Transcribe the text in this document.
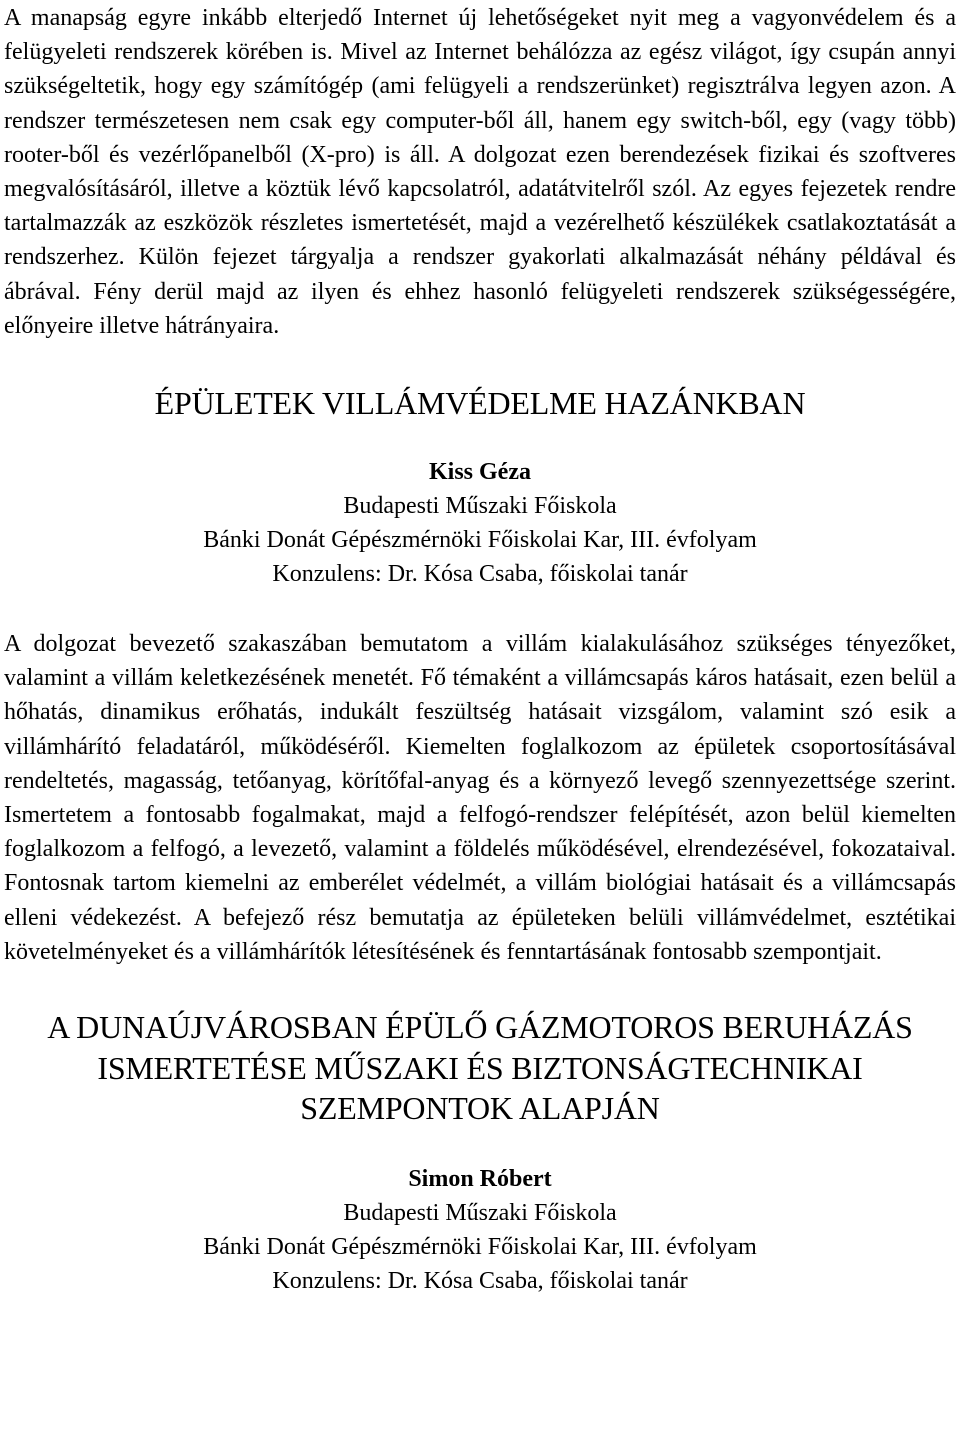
A manapság egyre inkább elterjedő Internet új lehetőségeket nyit meg a vagyonvédelem és a felügyeleti rendszerek körében is. Mivel az Internet behálózza az egész világot, így csupán annyi szükségeltetik, hogy egy számítógép (ami felügyeli a rendszerünket) regisztrálva legyen azon. A rendszer természetesen nem csak egy computer-ből áll, hanem egy switch-ből, egy (vagy több) rooter-ből és vezérlőpanelből (X-pro) is áll. A dolgozat ezen berendezések fizikai és szoftveres megvalósításáról, illetve a köztük lévő kapcsolatról, adatátvitelről szól. Az egyes fejezetek rendre tartalmazzák az eszközök részletes ismertetését, majd a vezérelhető készülékek csatlakoztatását a rendszerhez. Külön fejezet tárgyalja a rendszer gyakorlati alkalmazását néhány példával és ábrával. Fény derül majd az ilyen és ehhez hasonló felügyeleti rendszerek szükségességére, előnyeire illetve hátrányaira.

ÉPÜLETEK VILLÁMVÉDELME HAZÁNKBAN
Kiss Géza
Budapesti Műszaki Főiskola
Bánki Donát Gépészmérnöki Főiskolai Kar, III. évfolyam
Konzulens: Dr. Kósa Csaba, főiskolai tanár

A dolgozat bevezető szakaszában bemutatom a villám kialakulásához szükséges tényezőket, valamint a villám keletkezésének menetét. Fő témaként a villámcsapás káros hatásait, ezen belül a hőhatás, dinamikus erőhatás, indukált feszültség hatásait vizsgálom, valamint szó esik a villámhárító feladatáról, működéséről. Kiemelten foglalkozom az épületek csoportosításával rendeltetés, magasság, tetőanyag, körítőfal-anyag és a környező levegő szennyezettsége szerint. Ismertetem a fontosabb fogalmakat, majd a felfogó-rendszer felépítését, azon belül kiemelten foglalkozom a felfogó, a levezető, valamint a földelés működésével, elrendezésével, fokozataival. Fontosnak tartom kiemelni az emberélet védelmét, a villám biológiai hatásait és a villámcsapás elleni védekezést. A befejező rész bemutatja az épületeken belüli villámvédelmet, esztétikai követelményeket és a villámhárítók létesítésének és fenntartásának fontosabb szempontjait.

A DUNAÚJVÁROSBAN ÉPÜLŐ GÁZMOTOROS BERUHÁZÁS
ISMERTETÉSE MŰSZAKI ÉS BIZTONSÁGTECHNIKAI
SZEMPONTOK ALAPJÁN
Simon Róbert
Budapesti Műszaki Főiskola
Bánki Donát Gépészmérnöki Főiskolai Kar, III. évfolyam
Konzulens: Dr. Kósa Csaba, főiskolai tanár
